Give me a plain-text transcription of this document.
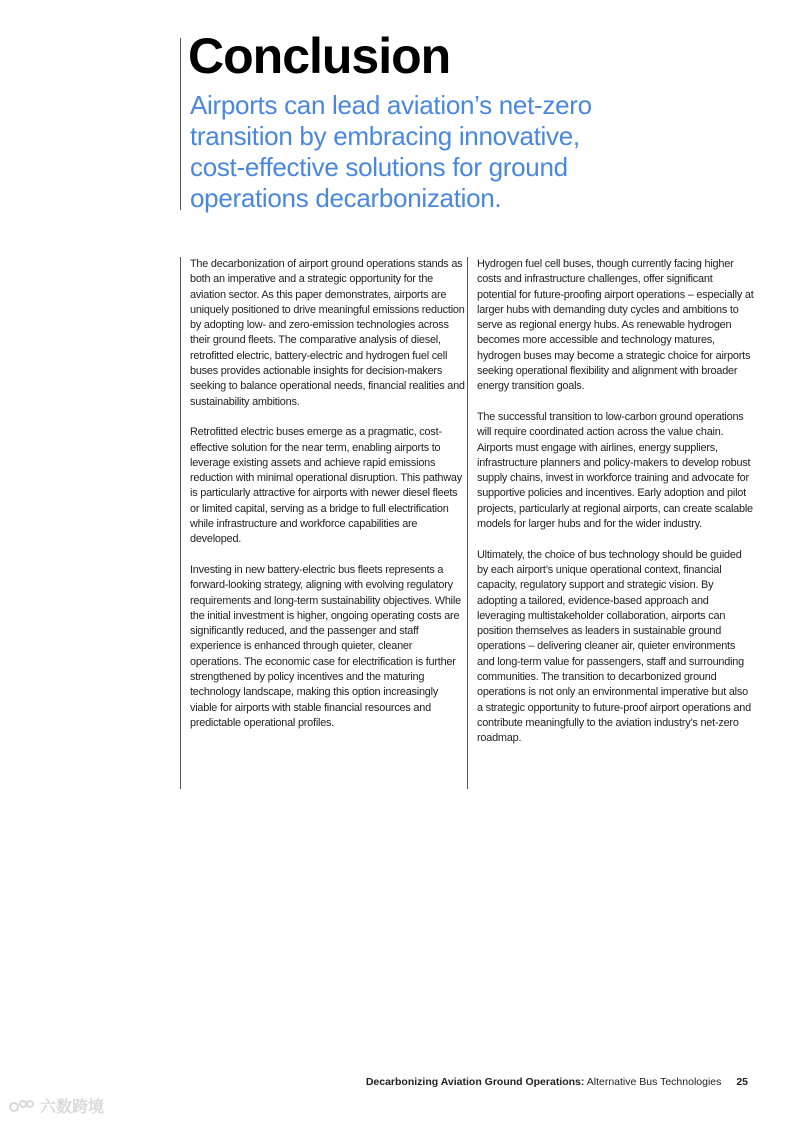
Conclusion
Airports can lead aviation’s net-zero transition by embracing innovative, cost-effective solutions for ground operations decarbonization.

The decarbonization of airport ground operations stands as both an imperative and a strategic opportunity for the aviation sector. As this paper demonstrates, airports are uniquely positioned to drive meaningful emissions reduction by adopting low- and zero-emission technologies across their ground fleets. The comparative analysis of diesel, retrofitted electric, battery-electric and hydrogen fuel cell buses provides actionable insights for decision-makers seeking to balance operational needs, financial realities and sustainability ambitions.

Retrofitted electric buses emerge as a pragmatic, cost-effective solution for the near term, enabling airports to leverage existing assets and achieve rapid emissions reduction with minimal operational disruption. This pathway is particularly attractive for airports with newer diesel fleets or limited capital, serving as a bridge to full electrification while infrastructure and workforce capabilities are developed.

Investing in new battery-electric bus fleets represents a forward-looking strategy, aligning with evolving regulatory requirements and long-term sustainability objectives. While the initial investment is higher, ongoing operating costs are significantly reduced, and the passenger and staff experience is enhanced through quieter, cleaner operations. The economic case for electrification is further strengthened by policy incentives and the maturing technology landscape, making this option increasingly viable for airports with stable financial resources and predictable operational profiles.

Hydrogen fuel cell buses, though currently facing higher costs and infrastructure challenges, offer significant potential for future-proofing airport operations – especially at larger hubs with demanding duty cycles and ambitions to serve as regional energy hubs. As renewable hydrogen becomes more accessible and technology matures, hydrogen buses may become a strategic choice for airports seeking operational flexibility and alignment with broader energy transition goals.

The successful transition to low-carbon ground operations will require coordinated action across the value chain. Airports must engage with airlines, energy suppliers, infrastructure planners and policy-makers to develop robust supply chains, invest in workforce training and advocate for supportive policies and incentives. Early adoption and pilot projects, particularly at regional airports, can create scalable models for larger hubs and for the wider industry.

Ultimately, the choice of bus technology should be guided by each airport’s unique operational context, financial capacity, regulatory support and strategic vision. By adopting a tailored, evidence-based approach and leveraging multistakeholder collaboration, airports can position themselves as leaders in sustainable ground operations – delivering cleaner air, quieter environments and long-term value for passengers, staff and surrounding communities. The transition to decarbonized ground operations is not only an environmental imperative but also a strategic opportunity to future-proof airport operations and contribute meaningfully to the aviation industry’s net-zero roadmap.

Decarbonizing Aviation Ground Operations: Alternative Bus Technologies 25
六数跨境
